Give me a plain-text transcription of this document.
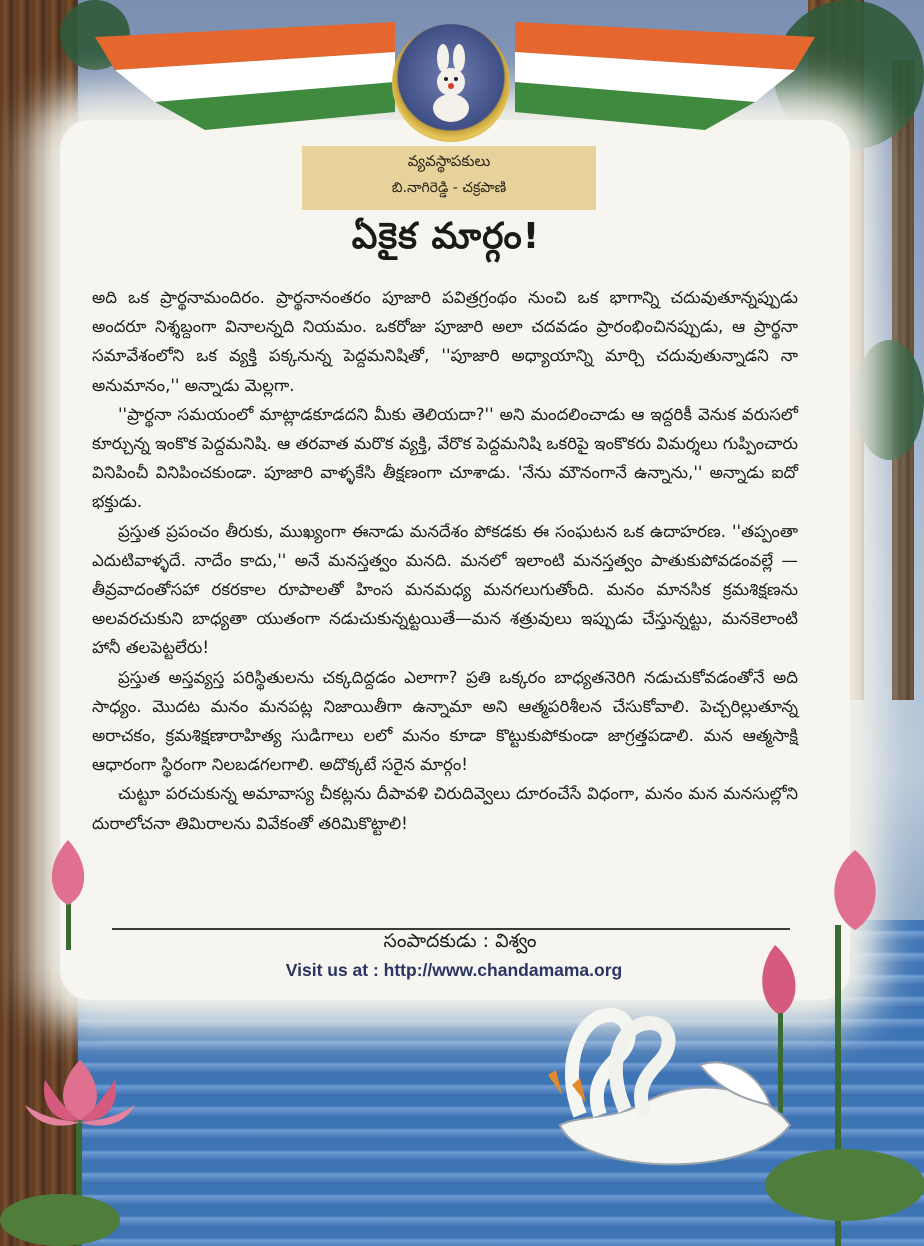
వ్యవస్థాపకులు
బి.నాగిరెడ్డి - చక్రపాణి
ఏకైక మార్గం!

అది ఒక ప్రార్థనామందిరం. ప్రార్థనానంతరం పూజారి పవిత్రగ్రంథం నుంచి ఒక భాగాన్ని చదువుతూన్నప్పుడు అందరూ నిశ్శబ్దంగా వినాలన్నది నియమం. ఒకరోజు పూజారి అలా చదవడం ప్రారంభించినప్పుడు, ఆ ప్రార్థనా సమావేశంలోని ఒక వ్యక్తి పక్కనున్న పెద్దమనిషితో, ''పూజారి అధ్యాయాన్ని మార్చి చదువుతున్నాడని నా అనుమానం,'' అన్నాడు మెల్లగా.

''ప్రార్థనా సమయంలో మాట్లాడకూడదని మీకు తెలియదా?'' అని మందలించాడు ఆ ఇద్దరికీ వెనుక వరుసలో కూర్చున్న ఇంకొక పెద్దమనిషి. ఆ తరవాత మరొక వ్యక్తి, వేరొక పెద్దమనిషి ఒకరిపై ఇంకొకరు విమర్శలు గుప్పించారు వినిపించీ వినిపించకుండా. పూజారి వాళ్ళకేసి తీక్షణంగా చూశాడు. 'నేను మౌనంగానే ఉన్నాను,'' అన్నాడు ఐదో భక్తుడు.

ప్రస్తుత ప్రపంచం తీరుకు, ముఖ్యంగా ఈనాడు మనదేశం పోకడకు ఈ సంఘటన ఒక ఉదాహరణ. ''తప్పంతా ఎదుటివాళ్ళదే. నాదేం కాదు,'' అనే మనస్తత్వం మనది. మనలో ఇలాంటి మనస్తత్వం పాతుకుపోవడంవల్లే —తీవ్రవాదంతోసహా రకరకాల రూపాలతో హింస మనమధ్య మనగలుగుతోంది. మనం మానసిక క్రమశిక్షణను అలవరచుకుని బాధ్యతా యుతంగా నడుచుకున్నట్టయితే—మన శత్రువులు ఇప్పుడు చేస్తున్నట్టు, మనకెలాంటి హానీ తలపెట్టలేరు!

ప్రస్తుత అస్తవ్యస్త పరిస్థితులను చక్కదిద్దడం ఎలాగా? ప్రతి ఒక్కరం బాధ్యతనెరిగి నడుచుకోవడంతోనే అది సాధ్యం. మొదట మనం మనపట్ల నిజాయితీగా ఉన్నామా అని ఆత్మపరిశీలన చేసుకోవాలి. పెచ్చరిల్లుతూన్న అరాచకం, క్రమశిక్షణారాహిత్య సుడిగాలు లలో మనం కూడా కొట్టుకుపోకుండా జాగ్రత్తపడాలి. మన ఆత్మసాక్షి ఆధారంగా స్థిరంగా నిలబడగలగాలి. అదొక్కటే సరైన మార్గం!

చుట్టూ పరచుకున్న అమావాస్య చీకట్లను దీపావళి చిరుదివ్వెలు దూరంచేసే విధంగా, మనం మన మనసుల్లోని దురాలోచనా తిమిరాలను వివేకంతో తరిమికొట్టాలి!

సంపాదకుడు : విశ్వం
Visit us at : http://www.chandamama.org
